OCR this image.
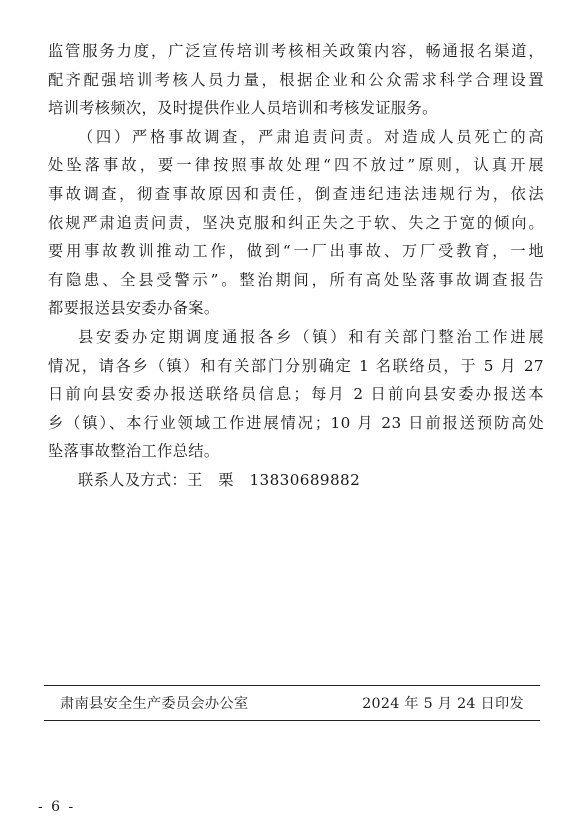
监管服务力度，广泛宣传培训考核相关政策内容，畅通报名渠道，
配齐配强培训考核人员力量，根据企业和公众需求科学合理设置
培训考核频次，及时提供作业人员培训和考核发证服务。
（四）严格事故调查，严肃追责问责。对造成人员死亡的高
处坠落事故，要一律按照事故处理“四不放过”原则，认真开展
事故调查，彻查事故原因和责任，倒查违纪违法违规行为，依法
依规严肃追责问责，坚决克服和纠正失之于软、失之于宽的倾向。
要用事故教训推动工作，做到“一厂出事故、万厂受教育，一地
有隐患、全县受警示”。整治期间，所有高处坠落事故调查报告
都要报送县安委办备案。
县安委办定期调度通报各乡（镇）和有关部门整治工作进展
情况，请各乡（镇）和有关部门分别确定 1 名联络员，于 5 月 27
日前向县安委办报送联络员信息；每月 2 日前向县安委办报送本
乡（镇）、本行业领域工作进展情况；10 月 23 日前报送预防高处
坠落事故整治工作总结。
联系人及方式：王　栗　13830689882
肃南县安全生产委员会办公室	2024 年 5 月 24 日印发
- 6 -
